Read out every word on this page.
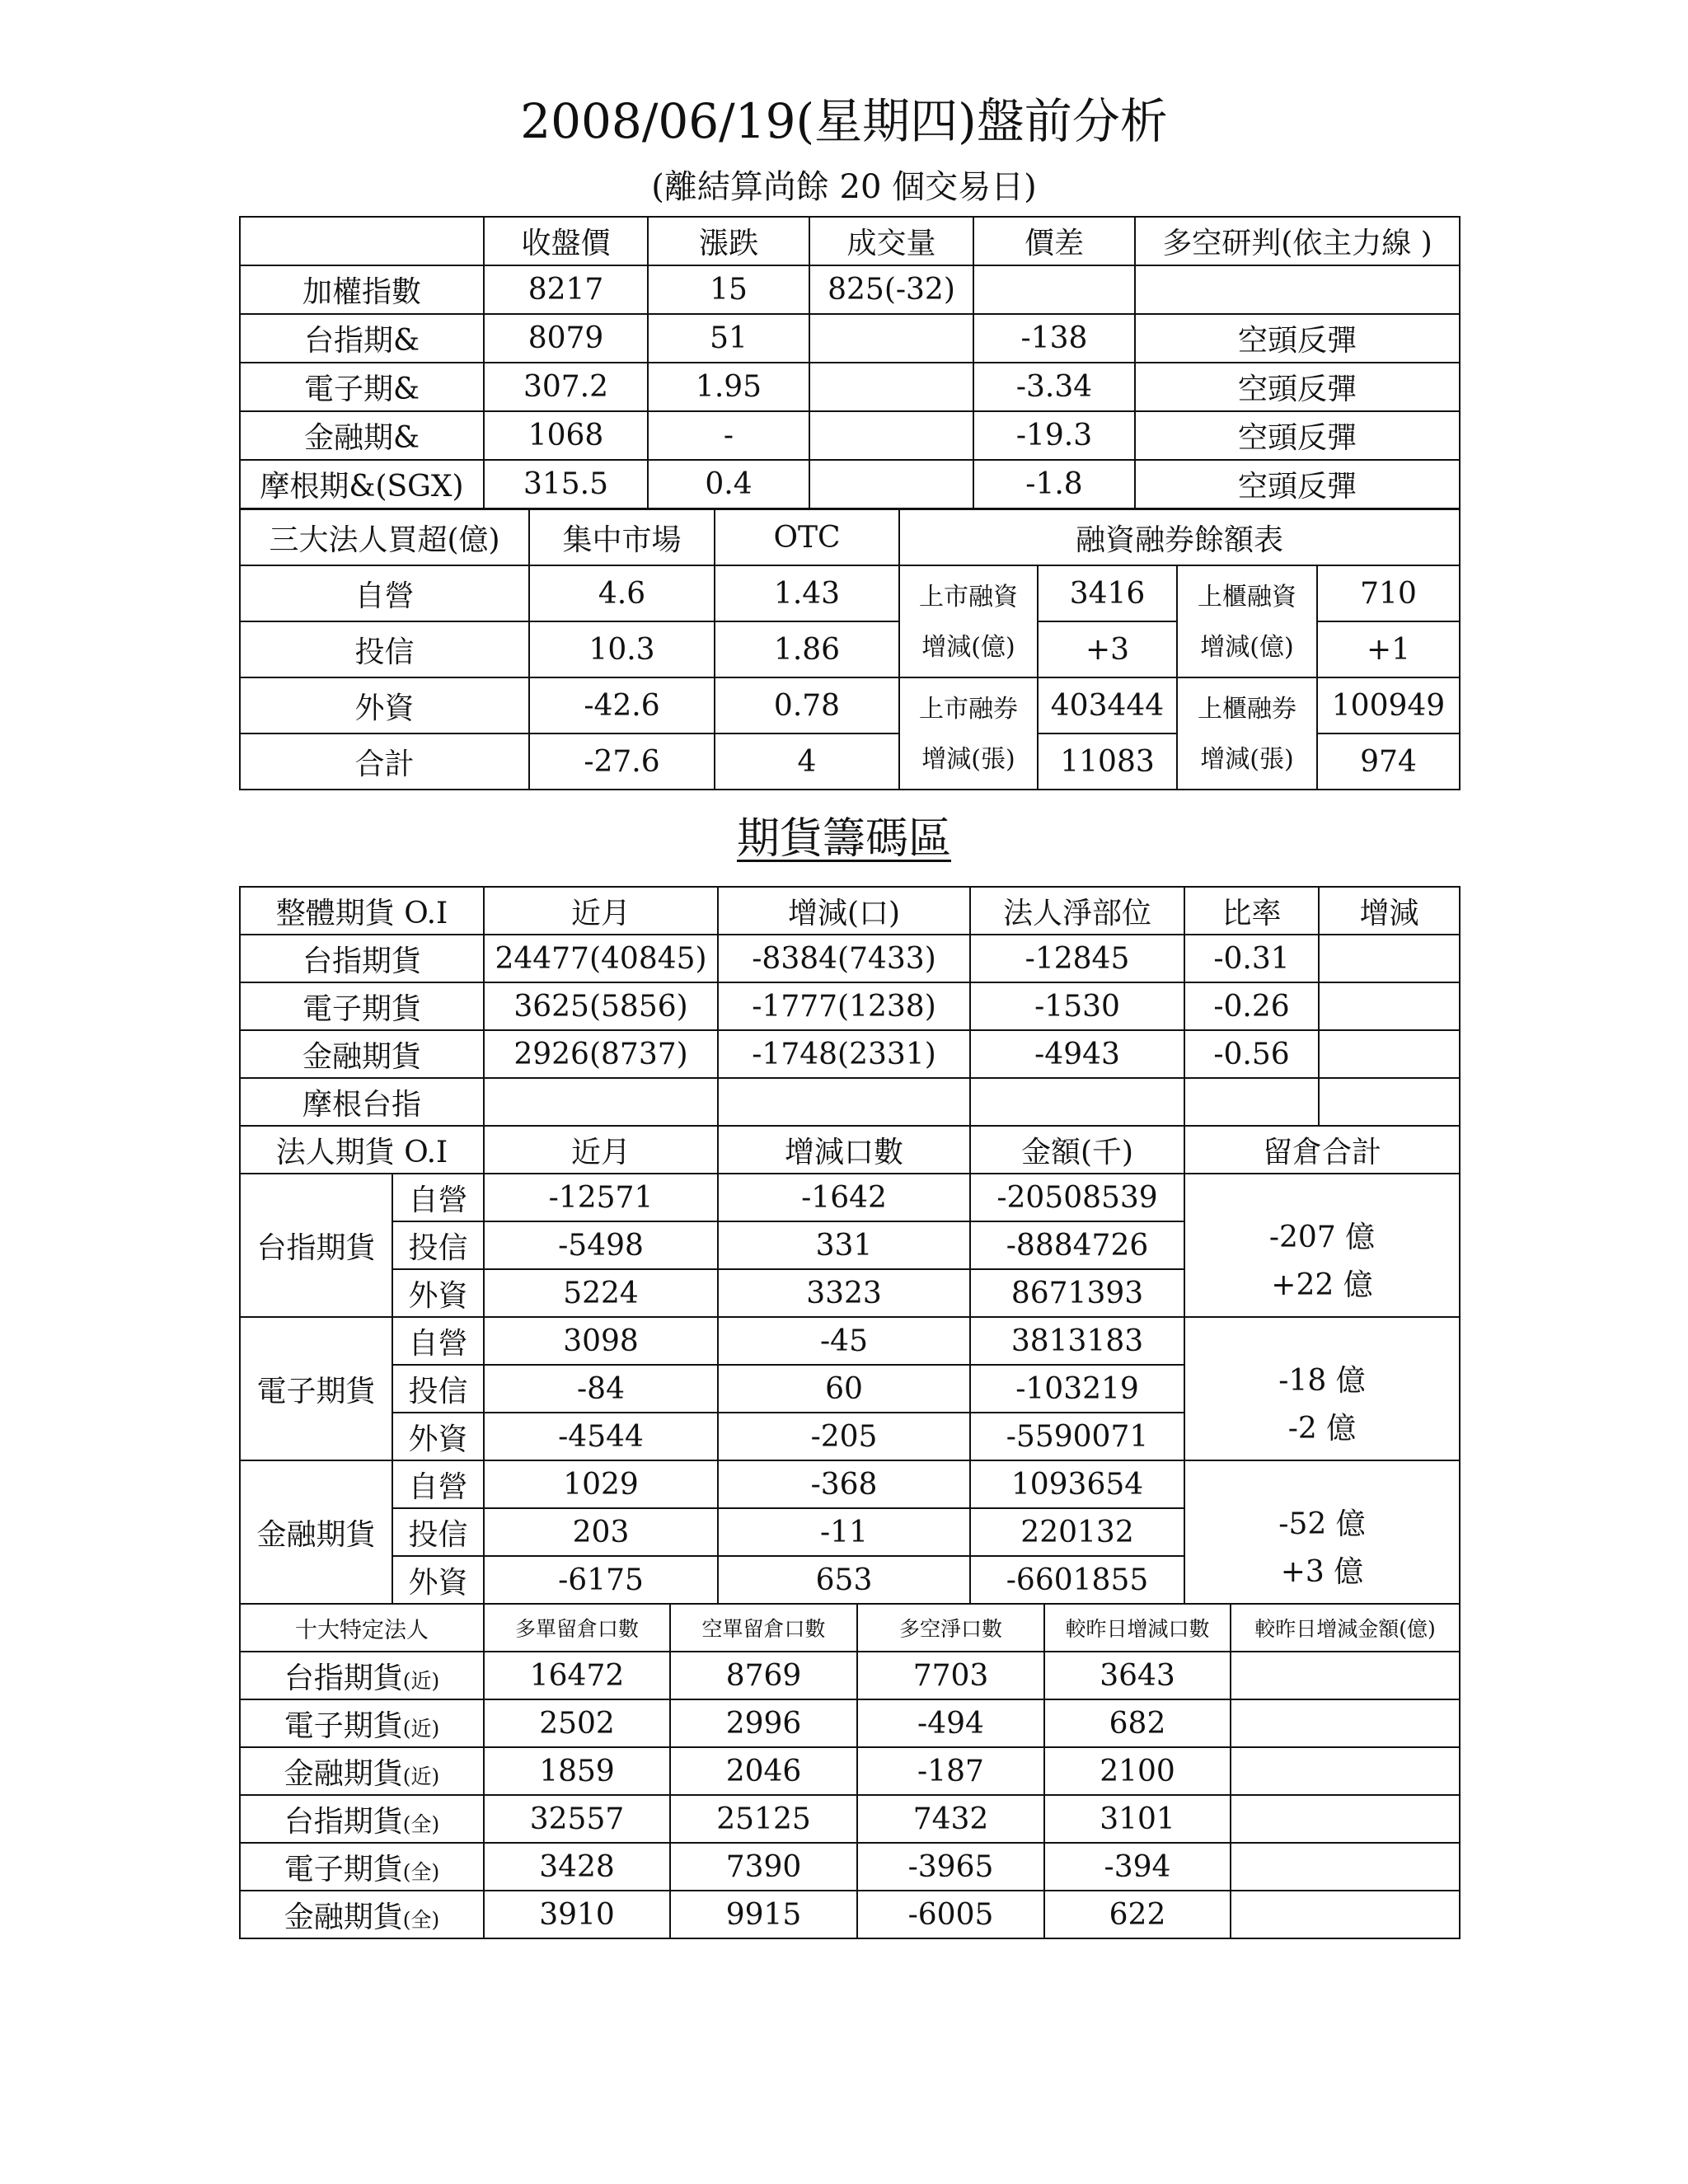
2008/06/19(星期四)盤前分析
(離結算尚餘 20 個交易日)
	收盤價	漲跌	成交量	價差	多空研判(依主力線 )
加權指數	8217	15	825(-32)		
台指期&	8079	51		-138	空頭反彈
電子期&	307.2	1.95		-3.34	空頭反彈
金融期&	1068	-		-19.3	空頭反彈
摩根期&(SGX)	315.5	0.4		-1.8	空頭反彈
三大法人買超(億)	集中市場	OTC	融資融券餘額表			
自營	4.6	1.43	上市融資	3416	上櫃融資	710
投信	10.3	1.86	增減(億)	+3	增減(億)	+1
外資	-42.6	0.78	上市融券	403444	上櫃融券	100949
合計	-27.6	4	增減(張)	11083	增減(張)	974
期貨籌碼區
整體期貨 O.I		近月	增減(口)	法人淨部位	比率	增減
台指期貨		24477(40845)	-8384(7433)	-12845	-0.31	
電子期貨		3625(5856)	-1777(1238)	-1530	-0.26	
金融期貨		2926(8737)	-1748(2331)	-4943	-0.56	
摩根台指						
法人期貨 O.I		近月	增減口數	金額(千)	留倉合計	
台指期貨	自營	-12571	-1642	-20508539	-207 億
+22 億	

	投信	-5498	331	-8884726		
	外資	5224	3323	8671393		
電子期貨	自營	3098	-45	3813183	-18 億
-2 億	

	投信	-84	60	-103219		
	外資	-4544	-205	-5590071		
金融期貨	自營	1029	-368	1093654	-52 億
+3 億	

	投信	203	-11	220132		
	外資	-6175	653	-6601855		
十大特定法人	多單留倉口數	空單留倉口數	多空淨口數	較昨日增減口數	較昨日增減金額(億)
台指期貨(近)	16472	8769	7703	3643	
電子期貨(近)	2502	2996	-494	682	
金融期貨(近)	1859	2046	-187	2100	
台指期貨(全)	32557	25125	7432	3101	
電子期貨(全)	3428	7390	-3965	-394	
金融期貨(全)	3910	9915	-6005	622	
